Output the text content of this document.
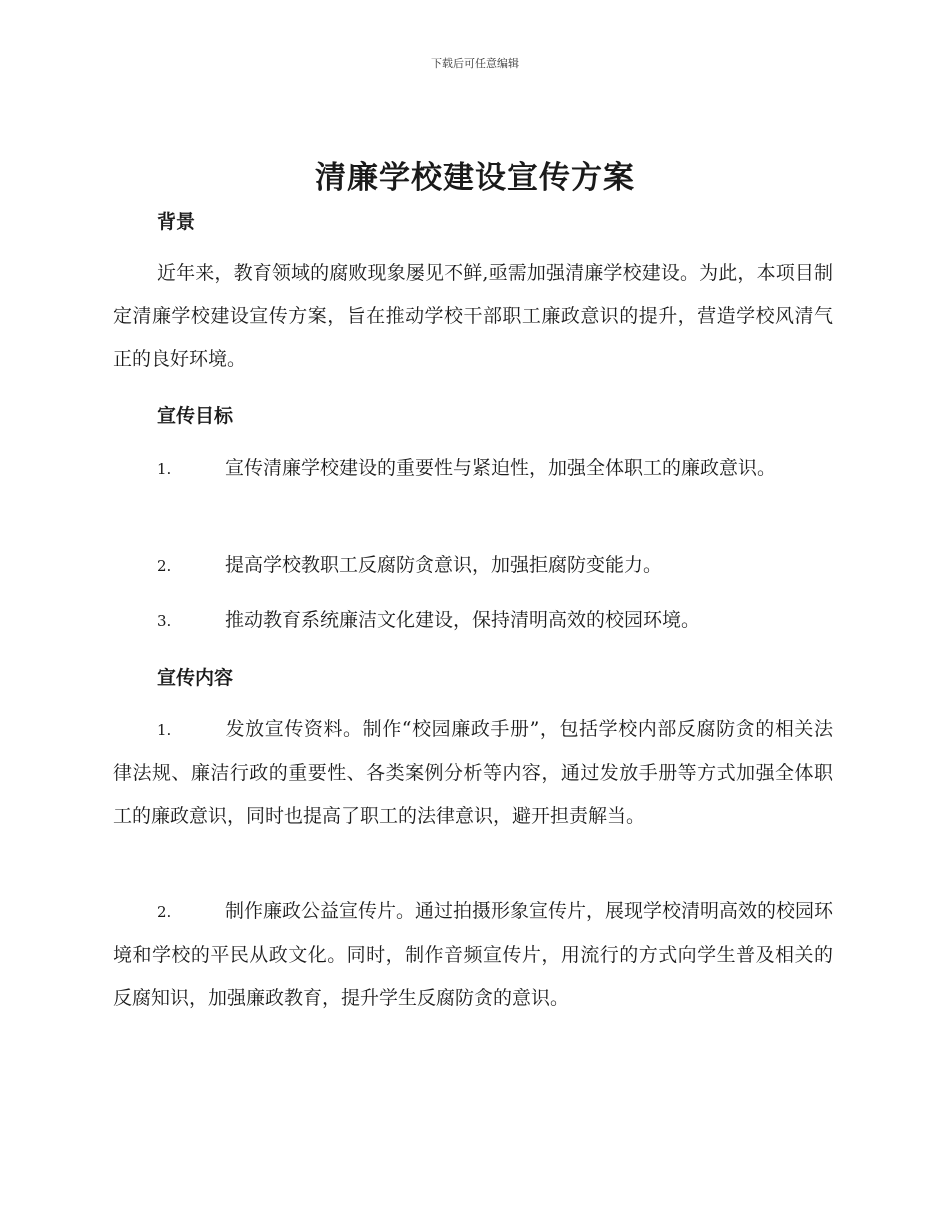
下载后可任意编辑
清廉学校建设宣传方案
背景

近年来，教育领域的腐败现象屡见不鲜,亟需加强清廉学校建设。为此，本项目制定清廉学校建设宣传方案，旨在推动学校干部职工廉政意识的提升，营造学校风清气正的良好环境。

宣传目标

1.	宣传清廉学校建设的重要性与紧迫性，加强全体职工的廉政意识。

2.	提高学校教职工反腐防贪意识，加强拒腐防变能力。

3.	推动教育系统廉洁文化建设，保持清明高效的校园环境。

宣传内容

1.	发放宣传资料。制作“校园廉政手册”，包括学校内部反腐防贪的相关法律法规、廉洁行政的重要性、各类案例分析等内容，通过发放手册等方式加强全体职工的廉政意识，同时也提高了职工的法律意识，避开担责解当。

2.	制作廉政公益宣传片。通过拍摄形象宣传片，展现学校清明高效的校园环境和学校的平民从政文化。同时，制作音频宣传片，用流行的方式向学生普及相关的反腐知识，加强廉政教育，提升学生反腐防贪的意识。
